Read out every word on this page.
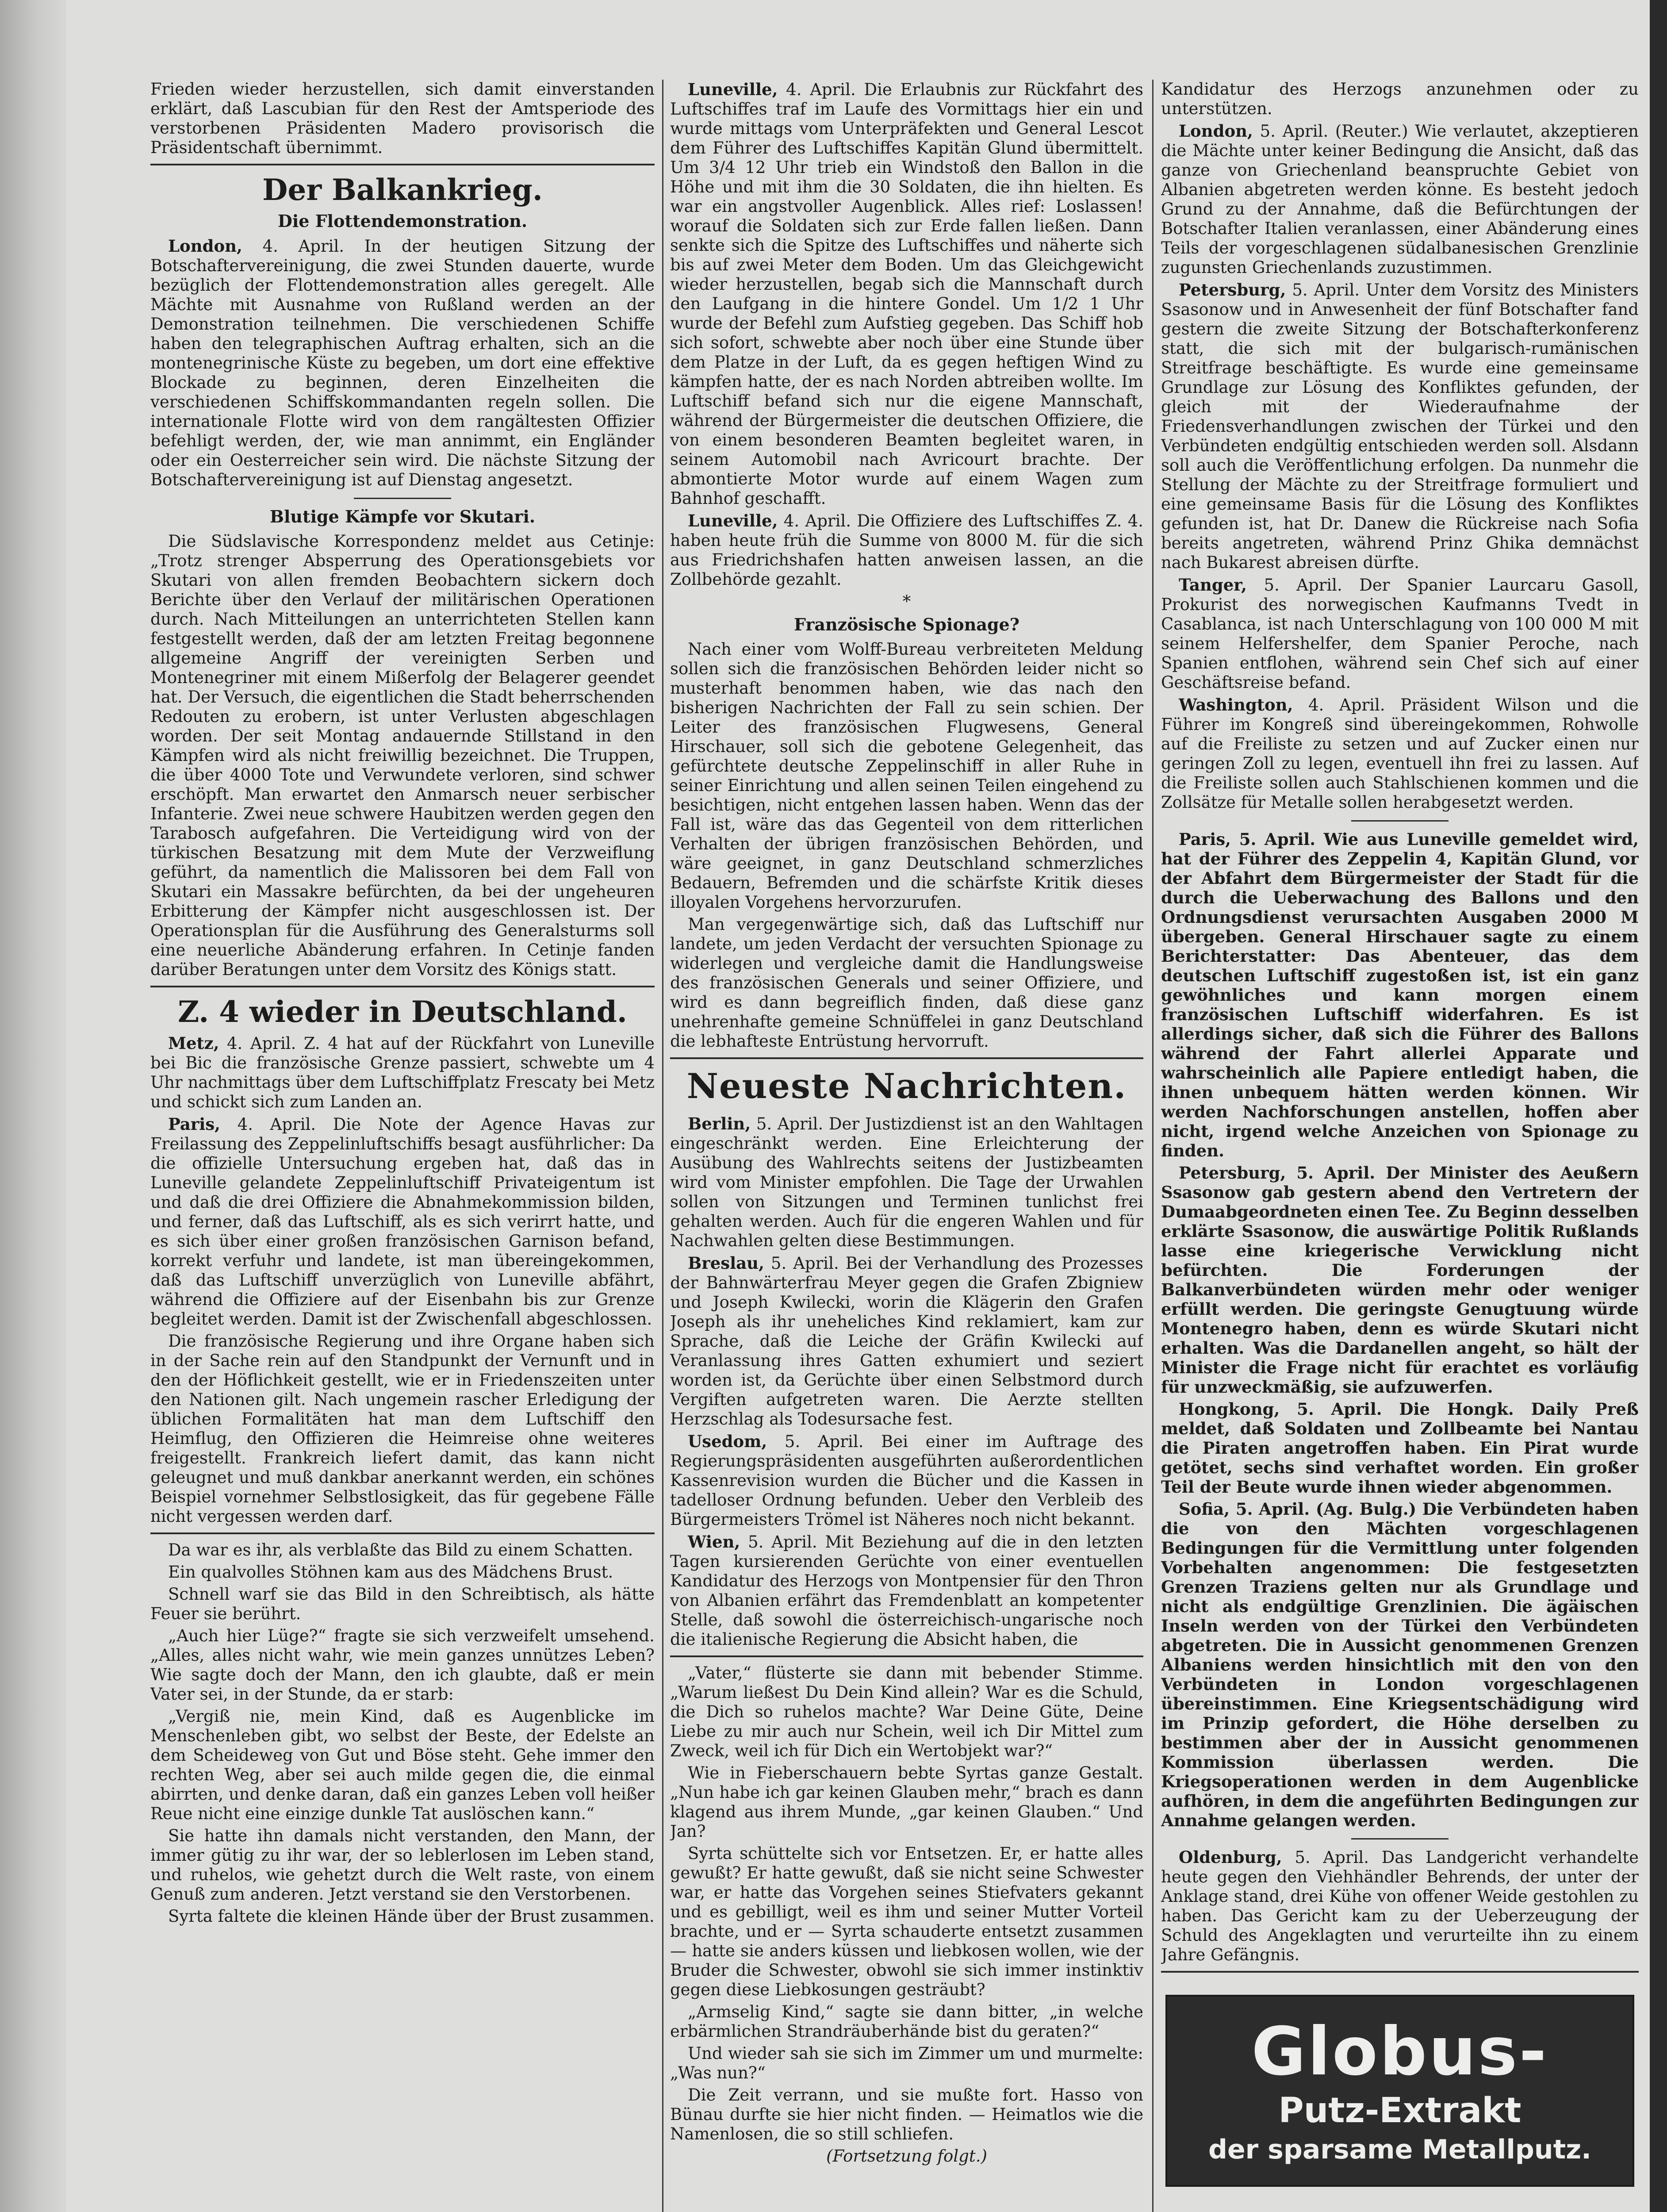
Frieden wieder herzustellen, sich damit einverstanden erklärt, daß Lascubian für den Rest der Amtsperiode des verstorbenen Präsidenten Madero provisorisch die Präsidentschaft übernimmt.

Der Balkankrieg.
Die Flottendemonstration.

London, 4. April. In der heutigen Sitzung der Botschaftervereinigung, die zwei Stunden dauerte, wurde bezüglich der Flottendemonstration alles geregelt. Alle Mächte mit Ausnahme von Rußland werden an der Demonstration teilnehmen. Die verschiedenen Schiffe haben den telegraphischen Auftrag erhalten, sich an die montenegrinische Küste zu begeben, um dort eine effektive Blockade zu beginnen, deren Einzelheiten die verschiedenen Schiffskommandanten regeln sollen. Die internationale Flotte wird von dem rangältesten Offizier befehligt werden, der, wie man annimmt, ein Engländer oder ein Oesterreicher sein wird. Die nächste Sitzung der Botschaftervereinigung ist auf Dienstag angesetzt.

Blutige Kämpfe vor Skutari.

Die Südslavische Korrespondenz meldet aus Cetinje: „Trotz strenger Absperrung des Operationsgebiets vor Skutari von allen fremden Beobachtern sickern doch Berichte über den Verlauf der militärischen Operationen durch. Nach Mitteilungen an unterrichteten Stellen kann festgestellt werden, daß der am letzten Freitag begonnene allgemeine Angriff der vereinigten Serben und Montenegriner mit einem Mißerfolg der Belagerer geendet hat. Der Versuch, die eigentlichen die Stadt beherrschenden Redouten zu erobern, ist unter Verlusten abgeschlagen worden. Der seit Montag andauernde Stillstand in den Kämpfen wird als nicht freiwillig bezeichnet. Die Truppen, die über 4000 Tote und Verwundete verloren, sind schwer erschöpft. Man erwartet den Anmarsch neuer serbischer Infanterie. Zwei neue schwere Haubitzen werden gegen den Tarabosch aufgefahren. Die Verteidigung wird von der türkischen Besatzung mit dem Mute der Verzweiflung geführt, da namentlich die Malissoren bei dem Fall von Skutari ein Massakre befürchten, da bei der ungeheuren Erbitterung der Kämpfer nicht ausgeschlossen ist. Der Operationsplan für die Ausführung des Generalsturms soll eine neuerliche Abänderung erfahren. In Cetinje fanden darüber Beratungen unter dem Vorsitz des Königs statt.

Z. 4 wieder in Deutschland.

Metz, 4. April. Z. 4 hat auf der Rückfahrt von Luneville bei Bic die französische Grenze passiert, schwebte um 4 Uhr nachmittags über dem Luftschiffplatz Frescaty bei Metz und schickt sich zum Landen an.

Paris, 4. April. Die Note der Agence Havas zur Freilassung des Zeppelinluftschiffs besagt ausführlicher: Da die offizielle Untersuchung ergeben hat, daß das in Luneville gelandete Zeppelinluftschiff Privateigentum ist und daß die drei Offiziere die Abnahmekommission bilden, und ferner, daß das Luftschiff, als es sich verirrt hatte, und es sich über einer großen französischen Garnison befand, korrekt verfuhr und landete, ist man übereingekommen, daß das Luftschiff unverzüglich von Luneville abfährt, während die Offiziere auf der Eisenbahn bis zur Grenze begleitet werden. Damit ist der Zwischenfall abgeschlossen.

Die französische Regierung und ihre Organe haben sich in der Sache rein auf den Standpunkt der Vernunft und in den der Höflichkeit gestellt, wie er in Friedenszeiten unter den Nationen gilt. Nach ungemein rascher Erledigung der üblichen Formalitäten hat man dem Luftschiff den Heimflug, den Offizieren die Heimreise ohne weiteres freigestellt. Frankreich liefert damit, das kann nicht geleugnet und muß dankbar anerkannt werden, ein schönes Beispiel vornehmer Selbstlosigkeit, das für gegebene Fälle nicht vergessen werden darf.

Da war es ihr, als verblaßte das Bild zu einem Schatten.

Ein qualvolles Stöhnen kam aus des Mädchens Brust.

Schnell warf sie das Bild in den Schreibtisch, als hätte Feuer sie berührt.

„Auch hier Lüge?“ fragte sie sich verzweifelt umsehend. „Alles, alles nicht wahr, wie mein ganzes unnützes Leben? Wie sagte doch der Mann, den ich glaubte, daß er mein Vater sei, in der Stunde, da er starb:

„Vergiß nie, mein Kind, daß es Augenblicke im Menschenleben gibt, wo selbst der Beste, der Edelste an dem Scheideweg von Gut und Böse steht. Gehe immer den rechten Weg, aber sei auch milde gegen die, die einmal abirrten, und denke daran, daß ein ganzes Leben voll heißer Reue nicht eine einzige dunkle Tat auslöschen kann.“

Sie hatte ihn damals nicht verstanden, den Mann, der immer gütig zu ihr war, der so leblerlosen im Leben stand, und ruhelos, wie gehetzt durch die Welt raste, von einem Genuß zum anderen. Jetzt verstand sie den Verstorbenen.

Syrta faltete die kleinen Hände über der Brust zusammen.

Luneville, 4. April. Die Erlaubnis zur Rückfahrt des Luftschiffes traf im Laufe des Vormittags hier ein und wurde mittags vom Unterpräfekten und General Lescot dem Führer des Luftschiffes Kapitän Glund übermittelt. Um 3/4 12 Uhr trieb ein Windstoß den Ballon in die Höhe und mit ihm die 30 Soldaten, die ihn hielten. Es war ein angstvoller Augenblick. Alles rief: Loslassen! worauf die Soldaten sich zur Erde fallen ließen. Dann senkte sich die Spitze des Luftschiffes und näherte sich bis auf zwei Meter dem Boden. Um das Gleichgewicht wieder herzustellen, begab sich die Mannschaft durch den Laufgang in die hintere Gondel. Um 1/2 1 Uhr wurde der Befehl zum Aufstieg gegeben. Das Schiff hob sich sofort, schwebte aber noch über eine Stunde über dem Platze in der Luft, da es gegen heftigen Wind zu kämpfen hatte, der es nach Norden abtreiben wollte. Im Luftschiff befand sich nur die eigene Mannschaft, während der Bürgermeister die deutschen Offiziere, die von einem besonderen Beamten begleitet waren, in seinem Automobil nach Avricourt brachte. Der abmontierte Motor wurde auf einem Wagen zum Bahnhof geschafft.

Luneville, 4. April. Die Offiziere des Luftschiffes Z. 4. haben heute früh die Summe von 8000 M. für die sich aus Friedrichshafen hatten anweisen lassen, an die Zollbehörde gezahlt.

*
Französische Spionage?

Nach einer vom Wolff-Bureau verbreiteten Meldung sollen sich die französischen Behörden leider nicht so musterhaft benommen haben, wie das nach den bisherigen Nachrichten der Fall zu sein schien. Der Leiter des französischen Flugwesens, General Hirschauer, soll sich die gebotene Gelegenheit, das gefürchtete deutsche Zeppelinschiff in aller Ruhe in seiner Einrichtung und allen seinen Teilen eingehend zu besichtigen, nicht entgehen lassen haben. Wenn das der Fall ist, wäre das das Gegenteil von dem ritterlichen Verhalten der übrigen französischen Behörden, und wäre geeignet, in ganz Deutschland schmerzliches Bedauern, Befremden und die schärfste Kritik dieses illoyalen Vorgehens hervorzurufen.

Man vergegenwärtige sich, daß das Luftschiff nur landete, um jeden Verdacht der versuchten Spionage zu widerlegen und vergleiche damit die Handlungsweise des französischen Generals und seiner Offiziere, und wird es dann begreiflich finden, daß diese ganz unehrenhafte gemeine Schnüffelei in ganz Deutschland die lebhafteste Entrüstung hervorruft.

Neueste Nachrichten.

Berlin, 5. April. Der Justizdienst ist an den Wahltagen eingeschränkt werden. Eine Erleichterung der Ausübung des Wahlrechts seitens der Justizbeamten wird vom Minister empfohlen. Die Tage der Urwahlen sollen von Sitzungen und Terminen tunlichst frei gehalten werden. Auch für die engeren Wahlen und für Nachwahlen gelten diese Bestimmungen.

Breslau, 5. April. Bei der Verhandlung des Prozesses der Bahnwärterfrau Meyer gegen die Grafen Zbigniew und Joseph Kwilecki, worin die Klägerin den Grafen Joseph als ihr uneheliches Kind reklamiert, kam zur Sprache, daß die Leiche der Gräfin Kwilecki auf Veranlassung ihres Gatten exhumiert und seziert worden ist, da Gerüchte über einen Selbstmord durch Vergiften aufgetreten waren. Die Aerzte stellten Herzschlag als Todesursache fest.

Usedom, 5. April. Bei einer im Auftrage des Regierungspräsidenten ausgeführten außerordentlichen Kassenrevision wurden die Bücher und die Kassen in tadelloser Ordnung befunden. Ueber den Verbleib des Bürgermeisters Trömel ist Näheres noch nicht bekannt.

Wien, 5. April. Mit Beziehung auf die in den letzten Tagen kursierenden Gerüchte von einer eventuellen Kandidatur des Herzogs von Montpensier für den Thron von Albanien erfährt das Fremdenblatt an kompetenter Stelle, daß sowohl die österreichisch-ungarische noch die italienische Regierung die Absicht haben, die

„Vater,“ flüsterte sie dann mit bebender Stimme. „Warum ließest Du Dein Kind allein? War es die Schuld, die Dich so ruhelos machte? War Deine Güte, Deine Liebe zu mir auch nur Schein, weil ich Dir Mittel zum Zweck, weil ich für Dich ein Wertobjekt war?“

Wie in Fieberschauern bebte Syrtas ganze Gestalt. „Nun habe ich gar keinen Glauben mehr,“ brach es dann klagend aus ihrem Munde, „gar keinen Glauben.“ Und Jan?

Syrta schüttelte sich vor Entsetzen. Er, er hatte alles gewußt? Er hatte gewußt, daß sie nicht seine Schwester war, er hatte das Vorgehen seines Stiefvaters gekannt und es gebilligt, weil es ihm und seiner Mutter Vorteil brachte, und er — Syrta schauderte entsetzt zusammen — hatte sie anders küssen und liebkosen wollen, wie der Bruder die Schwester, obwohl sie sich immer instinktiv gegen diese Liebkosungen gesträubt?

„Armselig Kind,“ sagte sie dann bitter, „in welche erbärmlichen Strandräuberhände bist du geraten?“

Und wieder sah sie sich im Zimmer um und murmelte: „Was nun?“

Die Zeit verrann, und sie mußte fort. Hasso von Bünau durfte sie hier nicht finden. — Heimatlos wie die Namenlosen, die so still schliefen.

(Fortsetzung folgt.)

Kandidatur des Herzogs anzunehmen oder zu unterstützen.

London, 5. April. (Reuter.) Wie verlautet, akzeptieren die Mächte unter keiner Bedingung die Ansicht, daß das ganze von Griechenland beanspruchte Gebiet von Albanien abgetreten werden könne. Es besteht jedoch Grund zu der Annahme, daß die Befürchtungen der Botschafter Italien veranlassen, einer Abänderung eines Teils der vorgeschlagenen südalbanesischen Grenzlinie zugunsten Griechenlands zuzustimmen.

Petersburg, 5. April. Unter dem Vorsitz des Ministers Ssasonow und in Anwesenheit der fünf Botschafter fand gestern die zweite Sitzung der Botschafterkonferenz statt, die sich mit der bulgarisch-rumänischen Streitfrage beschäftigte. Es wurde eine gemeinsame Grundlage zur Lösung des Konfliktes gefunden, der gleich mit der Wiederaufnahme der Friedensverhandlungen zwischen der Türkei und den Verbündeten endgültig entschieden werden soll. Alsdann soll auch die Veröffentlichung erfolgen. Da nunmehr die Stellung der Mächte zu der Streitfrage formuliert und eine gemeinsame Basis für die Lösung des Konfliktes gefunden ist, hat Dr. Danew die Rückreise nach Sofia bereits angetreten, während Prinz Ghika demnächst nach Bukarest abreisen dürfte.

Tanger, 5. April. Der Spanier Laurcaru Gasoll, Prokurist des norwegischen Kaufmanns Tvedt in Casablanca, ist nach Unterschlagung von 100 000 M mit seinem Helfershelfer, dem Spanier Peroche, nach Spanien entflohen, während sein Chef sich auf einer Geschäftsreise befand.

Washington, 4. April. Präsident Wilson und die Führer im Kongreß sind übereingekommen, Rohwolle auf die Freiliste zu setzen und auf Zucker einen nur geringen Zoll zu legen, eventuell ihn frei zu lassen. Auf die Freiliste sollen auch Stahlschienen kommen und die Zollsätze für Metalle sollen herabgesetzt werden.

Paris, 5. April. Wie aus Luneville gemeldet wird, hat der Führer des Zeppelin 4, Kapitän Glund, vor der Abfahrt dem Bürgermeister der Stadt für die durch die Ueberwachung des Ballons und den Ordnungsdienst verursachten Ausgaben 2000 M übergeben. General Hirschauer sagte zu einem Berichterstatter: Das Abenteuer, das dem deutschen Luftschiff zugestoßen ist, ist ein ganz gewöhnliches und kann morgen einem französischen Luftschiff widerfahren. Es ist allerdings sicher, daß sich die Führer des Ballons während der Fahrt allerlei Apparate und wahrscheinlich alle Papiere entledigt haben, die ihnen unbequem hätten werden können. Wir werden Nachforschungen anstellen, hoffen aber nicht, irgend welche Anzeichen von Spionage zu finden.

Petersburg, 5. April. Der Minister des Aeußern Ssasonow gab gestern abend den Vertretern der Dumaabgeordneten einen Tee. Zu Beginn desselben erklärte Ssasonow, die auswärtige Politik Rußlands lasse eine kriegerische Verwicklung nicht befürchten. Die Forderungen der Balkanverbündeten würden mehr oder weniger erfüllt werden. Die geringste Genugtuung würde Montenegro haben, denn es würde Skutari nicht erhalten. Was die Dardanellen angeht, so hält der Minister die Frage nicht für erachtet es vorläufig für unzweckmäßig, sie aufzuwerfen.

Hongkong, 5. April. Die Hongk. Daily Preß meldet, daß Soldaten und Zollbeamte bei Nantau die Piraten angetroffen haben. Ein Pirat wurde getötet, sechs sind verhaftet worden. Ein großer Teil der Beute wurde ihnen wieder abgenommen.

Sofia, 5. April. (Ag. Bulg.) Die Verbündeten haben die von den Mächten vorgeschlagenen Bedingungen für die Vermittlung unter folgenden Vorbehalten angenommen: Die festgesetzten Grenzen Traziens gelten nur als Grundlage und nicht als endgültige Grenzlinien. Die ägäischen Inseln werden von der Türkei den Verbündeten abgetreten. Die in Aussicht genommenen Grenzen Albaniens werden hinsichtlich mit den von den Verbündeten in London vorgeschlagenen übereinstimmen. Eine Kriegsentschädigung wird im Prinzip gefordert, die Höhe derselben zu bestimmen aber der in Aussicht genommenen Kommission überlassen werden. Die Kriegsoperationen werden in dem Augenblicke aufhören, in dem die angeführten Bedingungen zur Annahme gelangen werden.

Oldenburg, 5. April. Das Landgericht verhandelte heute gegen den Viehhändler Behrends, der unter der Anklage stand, drei Kühe von offener Weide gestohlen zu haben. Das Gericht kam zu der Ueberzeugung der Schuld des Angeklagten und verurteilte ihn zu einem Jahre Gefängnis.

Globus-
Putz-Extrakt
der sparsame Metallputz.
